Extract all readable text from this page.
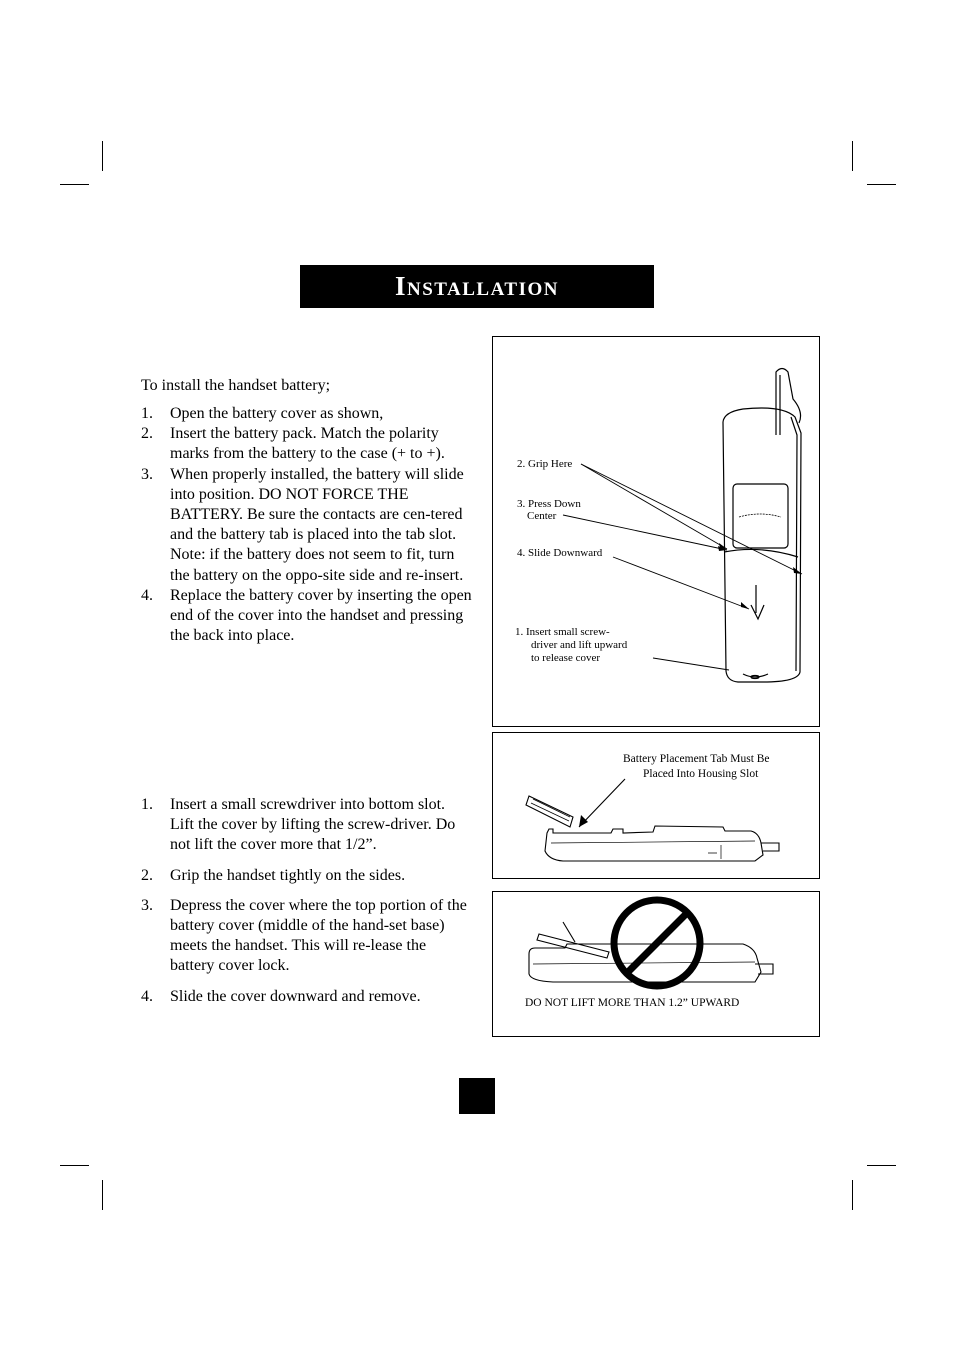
Installation
To install the handset battery;
1.	Open the battery cover as shown,
2.	Insert the battery pack. Match the polarity marks from the battery to the case (+ to +).
3.	When properly installed, the battery will slide into position. DO NOT FORCE THE BATTERY. Be sure the contacts are cen-tered and the battery tab is placed into the tab slot. Note: if the battery does not seem to fit, turn the battery on the oppo-site side and re-insert.
4.	Replace the battery cover by inserting the open end of the cover into the handset and pressing the back into place.
1.	Insert a small screwdriver into bottom slot. Lift the cover by lifting the screw-driver. Do not lift the cover more that 1/2”.
2.	Grip the handset tightly on the sides.
3.	Depress the cover where the top portion of the battery cover (middle of the hand-set base) meets the handset. This will re-lease the battery cover lock.
4.	Slide the cover downward and remove.
2. Grip Here
3. Press Down
Center
4. Slide Downward
1. Insert small screw-
driver and lift upward
to release cover
Battery Placement Tab Must Be
Placed Into Housing Slot
DO NOT LIFT MORE THAN 1.2” UPWARD
